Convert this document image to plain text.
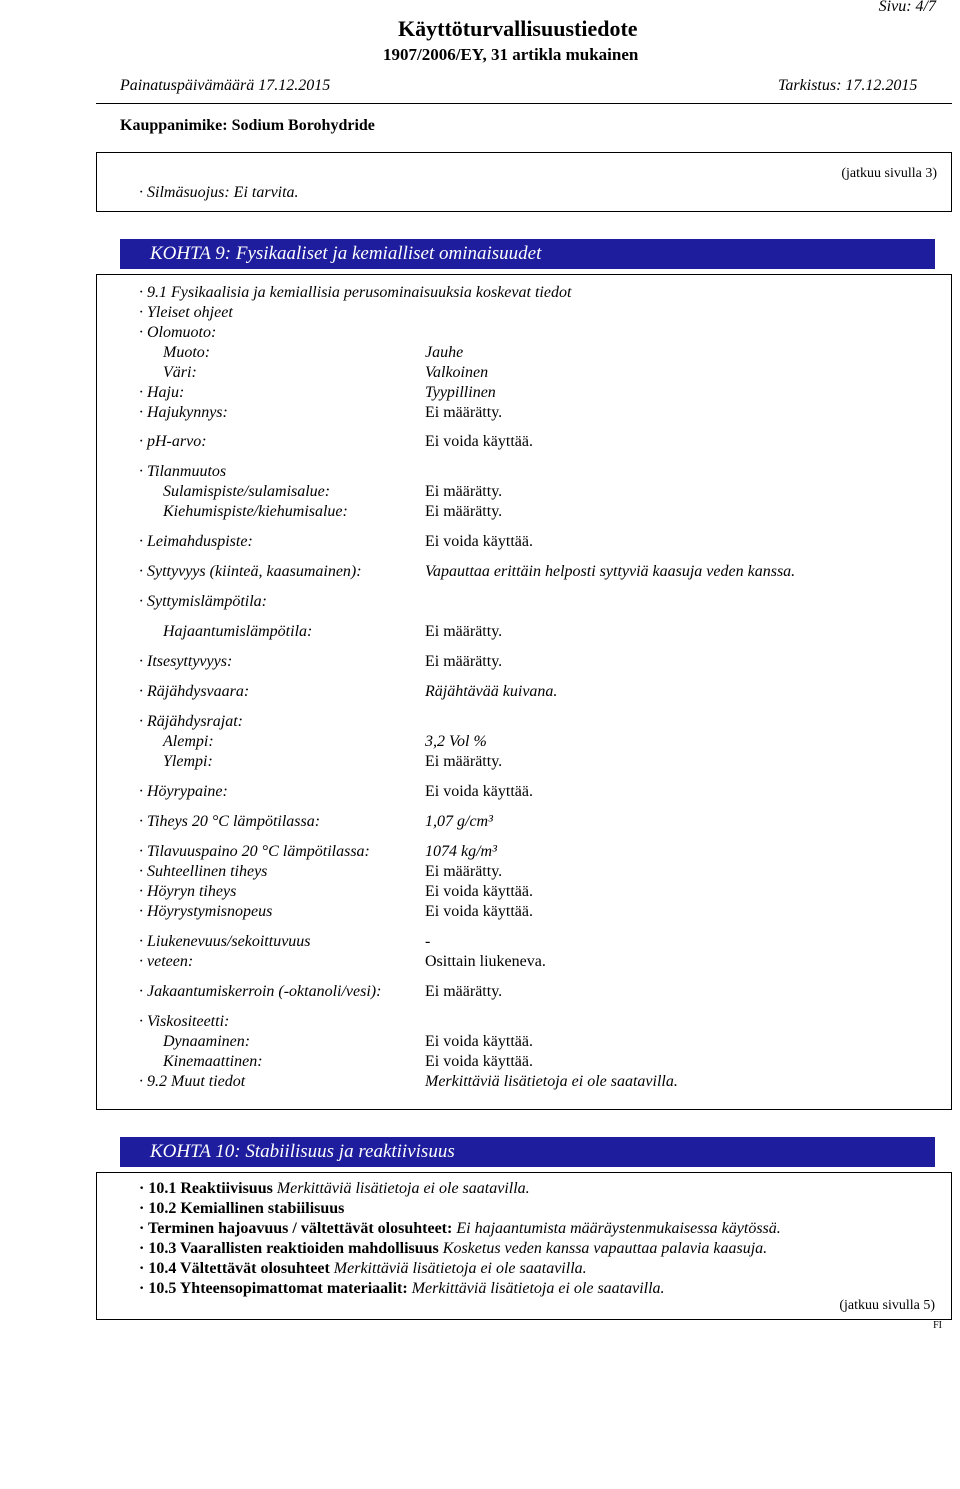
Sivu: 4/7
Käyttöturvallisuustiedote
1907/2006/EY, 31 artikla mukainen
Painatuspäivämäärä 17.12.2015	Tarkistus: 17.12.2015
Kauppanimike: Sodium Borohydride
(jatkuu sivulla 3)
· Silmäsuojus: Ei tarvita.
KOHTA 9: Fysikaaliset ja kemialliset ominaisuudet
· 9.1 Fysikaalisia ja kemiallisia perusominaisuuksia koskevat tiedot
· Yleiset ohjeet
· Olomuoto:
Muoto:	Jauhe
Väri:	Valkoinen
· Haju:	Tyypillinen
· Hajukynnys:	Ei määrätty.
· pH-arvo:	Ei voida käyttää.
· Tilanmuutos
Sulamispiste/sulamisalue:	Ei määrätty.
Kiehumispiste/kiehumisalue:	Ei määrätty.
· Leimahduspiste:	Ei voida käyttää.
· Syttyvyys (kiinteä, kaasumainen):	Vapauttaa erittäin helposti syttyviä kaasuja veden kanssa.
· Syttymislämpötila:
Hajaantumislämpötila:	Ei määrätty.
· Itsesyttyvyys:	Ei määrätty.
· Räjähdysvaara:	Räjähtävää kuivana.
· Räjähdysrajat:
Alempi:	3,2 Vol %
Ylempi:	Ei määrätty.
· Höyrypaine:	Ei voida käyttää.
· Tiheys 20 °C lämpötilassa:	1,07 g/cm³
· Tilavuuspaino 20 °C lämpötilassa:	1074 kg/m³
· Suhteellinen tiheys	Ei määrätty.
· Höyryn tiheys	Ei voida käyttää.
· Höyrystymisnopeus	Ei voida käyttää.
· Liukenevuus/sekoittuvuus	-
· veteen:	Osittain liukeneva.
· Jakaantumiskerroin (-oktanoli/vesi):	Ei määrätty.
· Viskositeetti:
Dynaaminen:	Ei voida käyttää.
Kinemaattinen:	Ei voida käyttää.
· 9.2 Muut tiedot	Merkittäviä lisätietoja ei ole saatavilla.
KOHTA 10: Stabiilisuus ja reaktiivisuus
· 10.1 Reaktiivisuus Merkittäviä lisätietoja ei ole saatavilla.
· 10.2 Kemiallinen stabiilisuus
· Terminen hajoavuus / vältettävät olosuhteet: Ei hajaantumista määräystenmukaisessa käytössä.
· 10.3 Vaarallisten reaktioiden mahdollisuus Kosketus veden kanssa vapauttaa palavia kaasuja.
· 10.4 Vältettävät olosuhteet Merkittäviä lisätietoja ei ole saatavilla.
· 10.5 Yhteensopimattomat materiaalit: Merkittäviä lisätietoja ei ole saatavilla.
(jatkuu sivulla 5)
FI
